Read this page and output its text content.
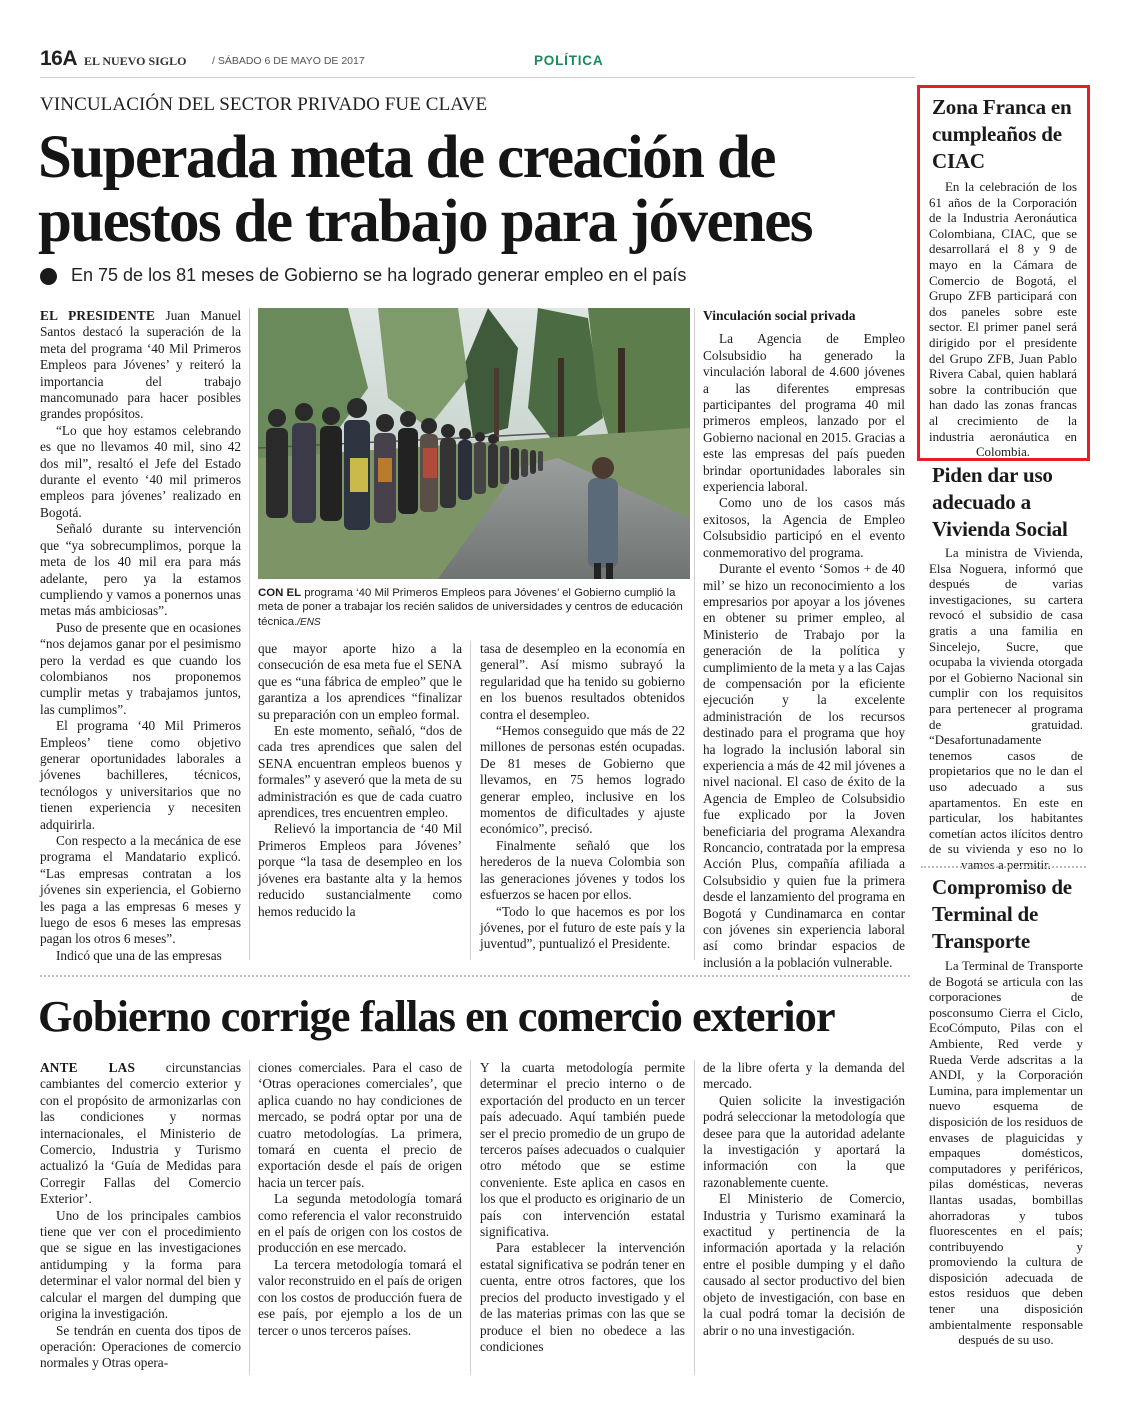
16A EL NUEVO SIGLO / SÁBADO 6 DE MAYO DE 2017	POLÍTICA
VINCULACIÓN DEL SECTOR PRIVADO FUE CLAVE
Superada meta de creación de
puestos de trabajo para jóvenes
En 75 de los 81 meses de Gobierno se ha logrado generar empleo en el país

EL PRESIDENTE Juan Manuel Santos destacó la superación de la meta del programa ‘40 Mil Primeros Empleos para Jóvenes’ y reiteró la importancia del trabajo mancomunado para hacer posibles grandes propósitos.

“Lo que hoy estamos celebrando es que no llevamos 40 mil, sino 42 dos mil”, resaltó el Jefe del Estado durante el evento ‘40 mil primeros empleos para jóvenes’ realizado en Bogotá.

Señaló durante su intervención que “ya sobrecumplimos, porque la meta de los 40 mil era para más adelante, pero ya la estamos cumpliendo y vamos a ponernos unas metas más ambiciosas”.

Puso de presente que en ocasiones “nos dejamos ganar por el pesimismo pero la verdad es que cuando los colombianos nos proponemos cumplir metas y trabajamos juntos, las cumplimos”.

El programa ‘40 Mil Primeros Empleos’ tiene como objetivo generar oportunidades laborales a jóvenes bachilleres, técnicos, tecnólogos y universitarios que no tienen experiencia y necesiten adquirirla.

Con respecto a la mecánica de ese programa el Mandatario explicó. “Las empresas contratan a los jóvenes sin experiencia, el Gobierno les paga a las empresas 6 meses y luego de esos 6 meses las empresas pagan los otros 6 meses”.

Indicó que una de las empresas

CON EL programa ‘40 Mil Primeros Empleos para Jóvenes’ el Gobierno cumplió la meta de poner a trabajar los recién salidos de universidades y centros de educación técnica./ENS

que mayor aporte hizo a la consecución de esa meta fue el SENA que es “una fábrica de empleo” que le garantiza a los aprendices “finalizar su preparación con un empleo formal.

En este momento, señaló, “dos de cada tres aprendices que salen del SENA encuentran empleos buenos y formales” y aseveró que la meta de su administración es que de cada cuatro aprendices, tres encuentren empleo.

Relievó la importancia de ‘40 Mil Primeros Empleos para Jóvenes’ porque “la tasa de desempleo en los jóvenes era bastante alta y la hemos reducido sustancialmente como hemos reducido la

tasa de desempleo en la economía en general”. Así mismo subrayó la regularidad que ha tenido su gobierno en los buenos resultados obtenidos contra el desempleo.

“Hemos conseguido que más de 22 millones de personas estén ocupadas. De 81 meses de Gobierno que llevamos, en 75 hemos logrado generar empleo, inclusive en los momentos de dificultades y ajuste económico”, precisó.

Finalmente señaló que los herederos de la nueva Colombia son las generaciones jóvenes y todos los esfuerzos se hacen por ellos.

“Todo lo que hacemos es por los jóvenes, por el futuro de este país y la juventud”, puntualizó el Presidente.

Vinculación social privada

La Agencia de Empleo Colsubsidio ha generado la vinculación laboral de 4.600 jóvenes a las diferentes empresas participantes del programa 40 mil primeros empleos, lanzado por el Gobierno nacional en 2015. Gracias a este las empresas del país pueden brindar oportunidades laborales sin experiencia laboral.

Como uno de los casos más exitosos, la Agencia de Empleo Colsubsidio participó en el evento conmemorativo del programa.

Durante el evento ‘Somos + de 40 mil’ se hizo un reconocimiento a los empresarios por apoyar a los jóvenes en obtener su primer empleo, al Ministerio de Trabajo por la generación de la política y cumplimiento de la meta y a las Cajas de compensación por la eficiente ejecución y la excelente administración de los recursos destinado para el programa que hoy ha logrado la inclusión laboral sin experiencia a más de 42 mil jóvenes a nivel nacional. El caso de éxito de la Agencia de Empleo de Colsubsidio fue explicado por la Joven beneficiaria del programa Alexandra Roncancio, contratada por la empresa Acción Plus, compañía afiliada a Colsubsidio y quien fue la primera desde el lanzamiento del programa en Bogotá y Cundinamarca en contar con jóvenes sin experiencia laboral así como brindar espacios de inclusión a la población vulnerable.

Gobierno corrige fallas en comercio exterior

ANTE LAS circunstancias cambiantes del comercio exterior y con el propósito de armonizarlas con las condiciones y normas internacionales, el Ministerio de Comercio, Industria y Turismo actualizó la ‘Guía de Medidas para Corregir Fallas del Comercio Exterior’.

Uno de los principales cambios tiene que ver con el procedimiento que se sigue en las investigaciones antidumping y la forma para determinar el valor normal del bien y calcular el margen del dumping que origina la investigación.

Se tendrán en cuenta dos tipos de operación: Operaciones de comercio normales y Otras opera-

ciones comerciales. Para el caso de ‘Otras operaciones comerciales’, que aplica cuando no hay condiciones de mercado, se podrá optar por una de cuatro metodologías. La primera, tomará en cuenta el precio de exportación desde el país de origen hacia un tercer país.

La segunda metodología tomará como referencia el valor reconstruido en el país de origen con los costos de producción en ese mercado.

La tercera metodología tomará el valor reconstruido en el país de origen con los costos de producción fuera de ese país, por ejemplo a los de un tercer o unos terceros países.

Y la cuarta metodología permite determinar el precio interno o de exportación del producto en un tercer país adecuado. Aquí también puede ser el precio promedio de un grupo de terceros países adecuados o cualquier otro método que se estime conveniente. Este aplica en casos en los que el producto es originario de un país con intervención estatal significativa.

Para establecer la intervención estatal significativa se podrán tener en cuenta, entre otros factores, que los precios del producto investigado y el de las materias primas con las que se produce el bien no obedece a las condiciones

de la libre oferta y la demanda del mercado.

Quien solicite la investigación podrá seleccionar la metodología que desee para que la autoridad adelante la investigación y aportará la información con la que razonablemente cuente.

El Ministerio de Comercio, Industria y Turismo examinará la exactitud y pertinencia de la información aportada y la relación entre el posible dumping y el daño causado al sector productivo del bien objeto de investigación, con base en la cual podrá tomar la decisión de abrir o no una investigación.

Zona Franca en cumpleaños de CIAC

En la celebración de los 61 años de la Corporación de la Industria Aeronáutica Colombiana, CIAC, que se desarrollará el 8 y 9 de mayo en la Cámara de Comercio de Bogotá, el Grupo ZFB participará con dos paneles sobre este sector. El primer panel será dirigido por el presidente del Grupo ZFB, Juan Pablo Rivera Cabal, quien hablará sobre la contribución que han dado las zonas francas al crecimiento de la industria aeronáutica en Colombia.

Piden dar uso adecuado a Vivienda Social

La ministra de Vivienda, Elsa Noguera, informó que después de varias investigaciones, su cartera revocó el subsidio de casa gratis a una familia en Sincelejo, Sucre, que ocupaba la vivienda otorgada por el Gobierno Nacional sin cumplir con los requisitos para pertenecer al programa de gratuidad. “Desafortunadamente tenemos casos de propietarios que no le dan el uso adecuado a sus apartamentos. En este en particular, los habitantes cometían actos ilícitos dentro de su vivienda y eso no lo vamos a permitir.

Compromiso de Terminal de Transporte

La Terminal de Transporte de Bogotá se articula con las corporaciones de posconsumo Cierra el Ciclo, EcoCómputo, Pilas con el Ambiente, Red verde y Rueda Verde adscritas a la ANDI, y la Corporación Lumina, para implementar un nuevo esquema de disposición de los residuos de envases de plaguicidas y empaques domésticos, computadores y periféricos, pilas domésticas, neveras llantas usadas, bombillas ahorradoras y tubos fluorescentes en el país; contribuyendo y promoviendo la cultura de disposición adecuada de estos residuos que deben tener una disposición ambientalmente responsable después de su uso.
